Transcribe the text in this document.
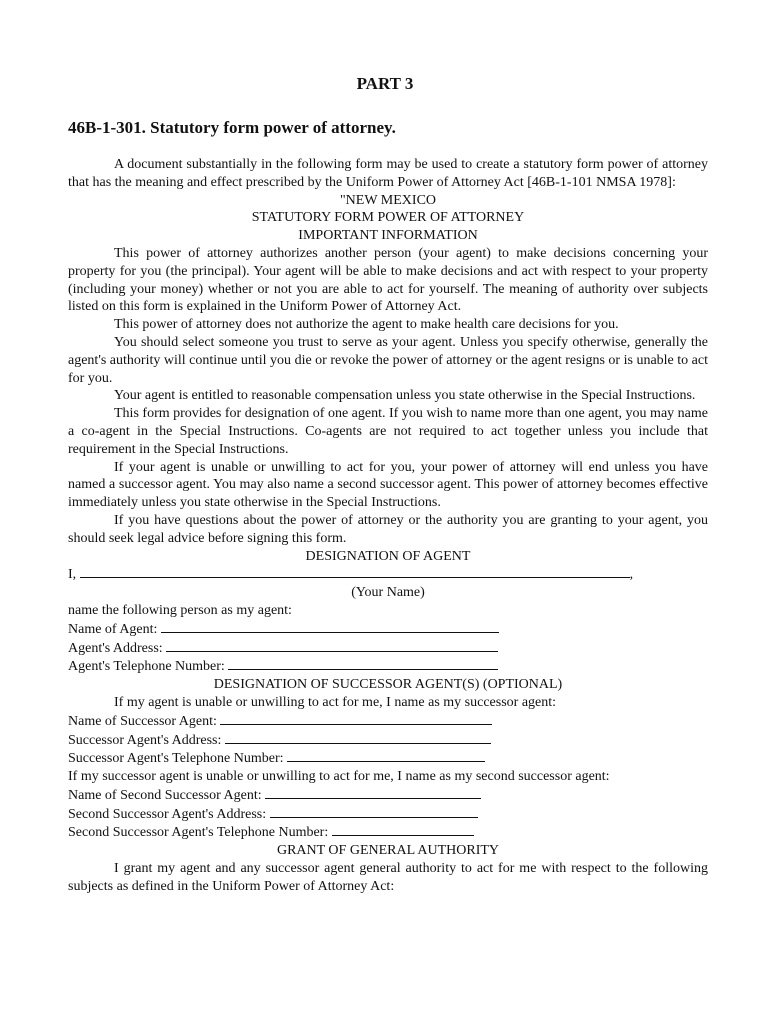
PART 3
46B-1-301. Statutory form power of attorney.

A document substantially in the following form may be used to create a statutory form power of attorney that has the meaning and effect prescribed by the Uniform Power of Attorney Act [46B-1-101 NMSA 1978]:

"NEW MEXICO

STATUTORY FORM POWER OF ATTORNEY

IMPORTANT INFORMATION

This power of attorney authorizes another person (your agent) to make decisions concerning your property for you (the principal). Your agent will be able to make decisions and act with respect to your property (including your money) whether or not you are able to act for yourself. The meaning of authority over subjects listed on this form is explained in the Uniform Power of Attorney Act.

This power of attorney does not authorize the agent to make health care decisions for you.

You should select someone you trust to serve as your agent. Unless you specify otherwise, generally the agent's authority will continue until you die or revoke the power of attorney or the agent resigns or is unable to act for you.

Your agent is entitled to reasonable compensation unless you state otherwise in the Special Instructions.

This form provides for designation of one agent. If you wish to name more than one agent, you may name a co-agent in the Special Instructions. Co-agents are not required to act together unless you include that requirement in the Special Instructions.

If your agent is unable or unwilling to act for you, your power of attorney will end unless you have named a successor agent. You may also name a second successor agent. This power of attorney becomes effective immediately unless you state otherwise in the Special Instructions.

If you have questions about the power of attorney or the authority you are granting to your agent, you should seek legal advice before signing this form.

DESIGNATION OF AGENT

I,	,

(Your Name)

name the following person as my agent:

Name of Agent:

Agent's Address:

Agent's Telephone Number:

DESIGNATION OF SUCCESSOR AGENT(S) (OPTIONAL)

If my agent is unable or unwilling to act for me, I name as my successor agent:

Name of Successor Agent:

Successor Agent's Address:

Successor Agent's Telephone Number:

If my successor agent is unable or unwilling to act for me, I name as my second successor agent:

Name of Second Successor Agent:

Second Successor Agent's Address:

Second Successor Agent's Telephone Number:

GRANT OF GENERAL AUTHORITY

I grant my agent and any successor agent general authority to act for me with respect to the following subjects as defined in the Uniform Power of Attorney Act:
